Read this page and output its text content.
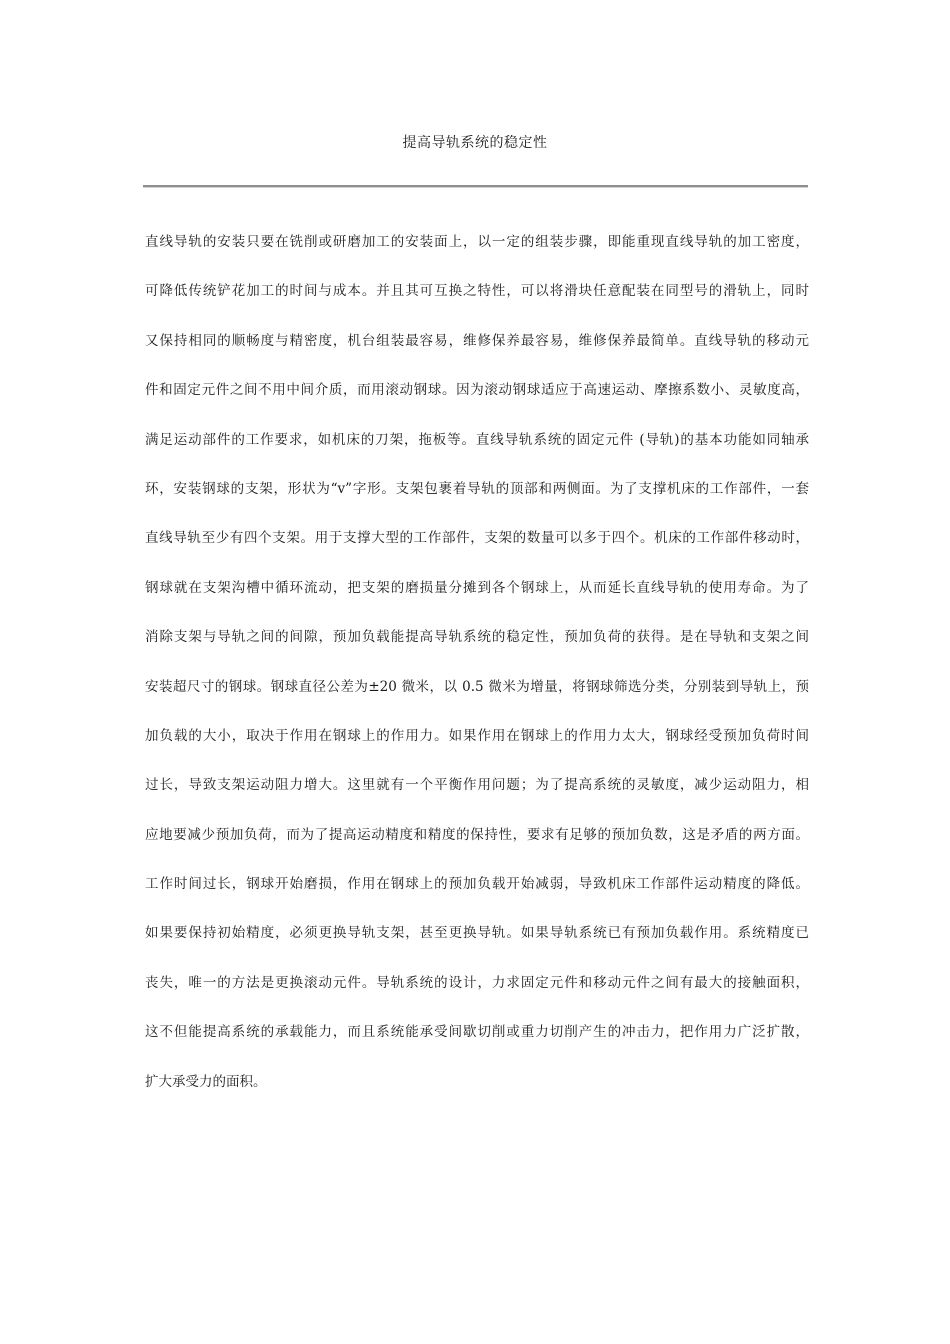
提高导轨系统的稳定性
直线导轨的安装只要在铣削或研磨加工的安装面上，以一定的组装步骤，即能重现直线导轨的加工密度，
可降低传统铲花加工的时间与成本。并且其可互换之特性，可以将滑块任意配装在同型号的滑轨上，同时
又保持相同的顺畅度与精密度，机台组装最容易，维修保养最容易，维修保养最简单。直线导轨的移动元
件和固定元件之间不用中间介质，而用滚动钢球。因为滚动钢球适应于高速运动、摩擦系数小、灵敏度高，
满足运动部件的工作要求，如机床的刀架，拖板等。直线导轨系统的固定元件 (导轨)的基本功能如同轴承
环，安装钢球的支架，形状为“v”字形。支架包裹着导轨的顶部和两侧面。为了支撑机床的工作部件，一套
直线导轨至少有四个支架。用于支撑大型的工作部件，支架的数量可以多于四个。机床的工作部件移动时，
钢球就在支架沟槽中循环流动，把支架的磨损量分摊到各个钢球上，从而延长直线导轨的使用寿命。为了
消除支架与导轨之间的间隙，预加负载能提高导轨系统的稳定性，预加负荷的获得。是在导轨和支架之间
安装超尺寸的钢球。钢球直径公差为±20 微米，以 0.5 微米为增量，将钢球筛选分类，分别装到导轨上，预
加负载的大小，取决于作用在钢球上的作用力。如果作用在钢球上的作用力太大，钢球经受预加负荷时间
过长，导致支架运动阻力增大。这里就有一个平衡作用问题；为了提高系统的灵敏度，减少运动阻力，相
应地要减少预加负荷，而为了提高运动精度和精度的保持性，要求有足够的预加负数，这是矛盾的两方面。
工作时间过长，钢球开始磨损，作用在钢球上的预加负载开始减弱，导致机床工作部件运动精度的降低。
如果要保持初始精度，必须更换导轨支架，甚至更换导轨。如果导轨系统已有预加负载作用。系统精度已
丧失，唯一的方法是更换滚动元件。导轨系统的设计，力求固定元件和移动元件之间有最大的接触面积，
这不但能提高系统的承载能力，而且系统能承受间歇切削或重力切削产生的冲击力，把作用力广泛扩散，
扩大承受力的面积。
